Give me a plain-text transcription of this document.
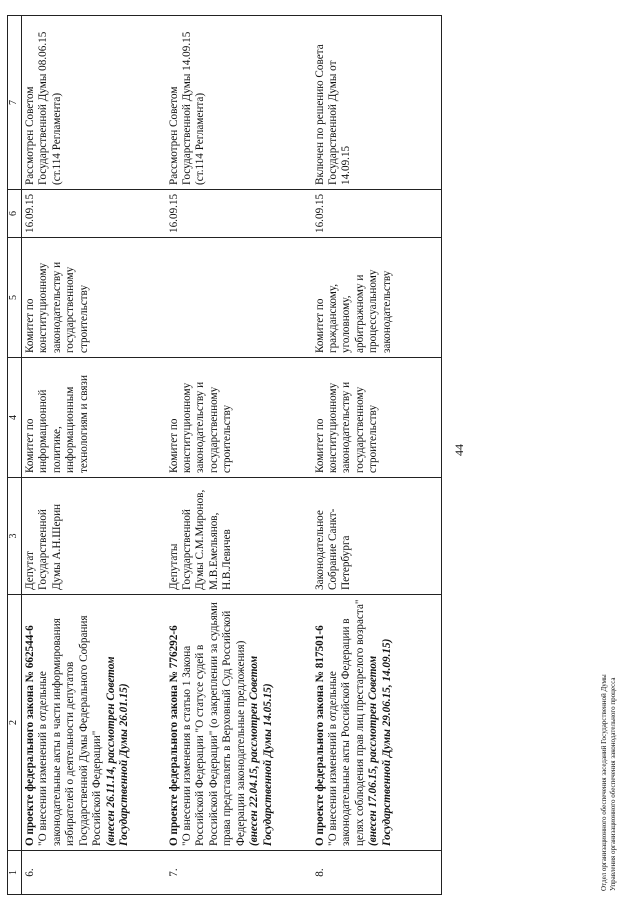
1	2	3	4	5	6	7
6.	О проекте федерального закона № 662544-6 "О внесении изменений в отдельные законодательные акты в части информирования избирателей о деятельности депутатов Государственной Думы Федерального Собрания Российской Федерации" (внесен 26.11.14, рассмотрен Советом Государственной Думы 26.01.15)	Депутат Государственной Думы А.Н.Шерин	Комитет по информационной политике, информационным технологиям и связи	Комитет по конституционному законодательству и государственному строительству	16.09.15	Рассмотрен Советом Государственной Думы 08.06.15 (ст.114 Регламента)
7.	О проекте федерального закона № 776292-6 "О внесении изменения в статью 1 Закона Российской Федерации "О статусе судей в Российской Федерации" (о закреплении за судьями права представлять в Верховный Суд Российской Федерации законодательные предложения) (внесен 22.04.15, рассмотрен Советом Государственной Думы 14.05.15)	Депутаты Государственной Думы С.М.Миронов, М.В.Емельянов, Н.В.Левичев	Комитет по конституционному законодательству и государственному строительству		16.09.15	Рассмотрен Советом Государственной Думы 14.09.15 (ст.114 Регламента)
8.	О проекте федерального закона № 817501-6 "О внесении изменений в отдельные законодательные акты Российской Федерации в целях соблюдения прав лиц престарелого возраста" (внесен 17.06.15, рассмотрен Советом Государственной Думы 29.06.15, 14.09.15)	Законодательное Собрание Санкт-Петербурга	Комитет по конституционному законодательству и государственному строительству	Комитет по гражданскому, уголовному, арбитражному и процессуальному законодательству	16.09.15	Включен по решению Совета Государственной Думы от 14.09.15
44
Отдел организационного обеспечения заседаний Государственной Думы Управления организационного обеспечения законодательного процесса
